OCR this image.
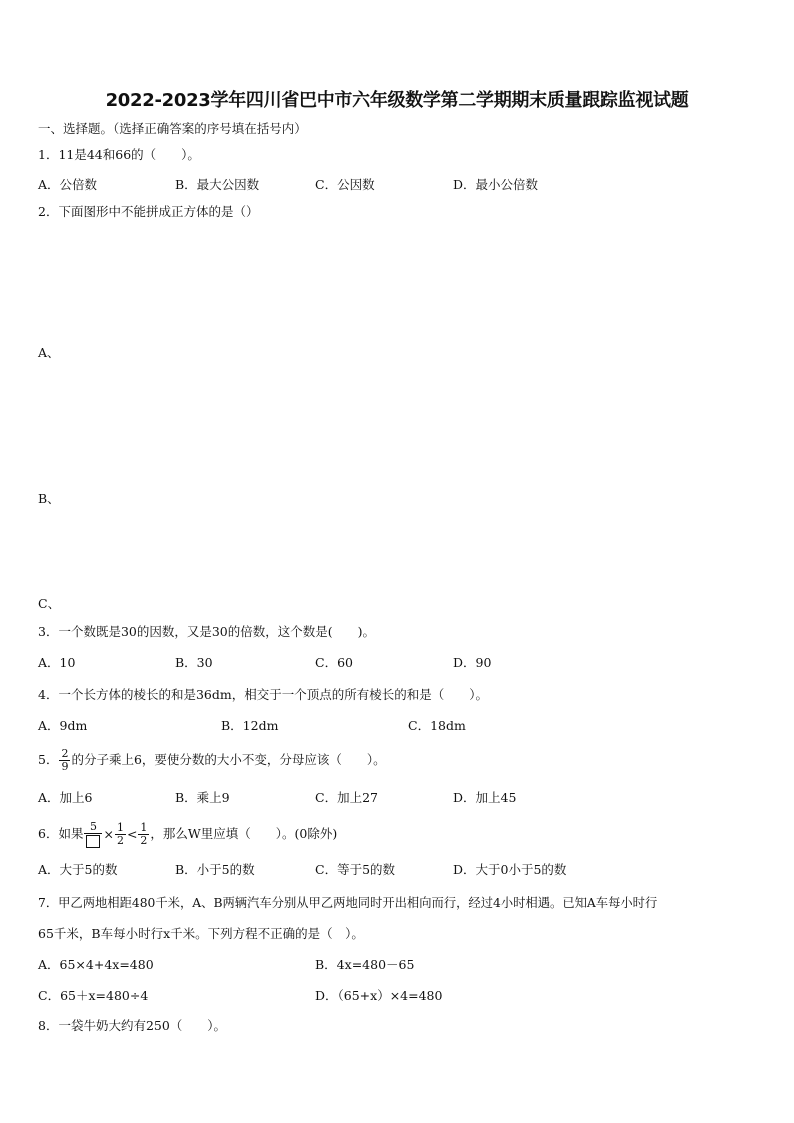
2022-2023学年四川省巴中市六年级数学第二学期期末质量跟踪监视试题
一、选择题。（选择正确答案的序号填在括号内）
1．11是44和66的（　　）。
A．公倍数	B．最大公因数	C．公因数	D．最小公倍数
2．下面图形中不能拼成正方体的是（）
A、
B、
C、
3．一个数既是30的因数，又是30的倍数，这个数是(　　)。
A．10	B．30	C．60	D．90
4．一个长方体的棱长的和是36dm，相交于一个顶点的所有棱长的和是（　　）。
A．9dm	B．12dm	C．18dm
5． $\frac{2}{9}$ 的分子乘上6，要使分数的大小不变，分母应该（　　）。
A．加上6	B．乘上9	C．加上27	D．加上45
6．如果 $5 \times \frac{1}{2} < \frac{1}{2}$ ，那么W里应填（　　）。(0除外)
A．大于5的数	B．小于5的数	C．等于5的数	D．大于0小于5的数
7．甲乙两地相距480千米，A、B两辆汽车分别从甲乙两地同时开出相向而行，经过4小时相遇。已知A车每小时行
65千米，B车每小时行x千米。下列方程不正确的是（　）。
A．65×4+4x=480	B．4x=480－65
C．65＋x=480÷4	D．（65+x）×4=480
8．一袋牛奶大约有250（　　）。
